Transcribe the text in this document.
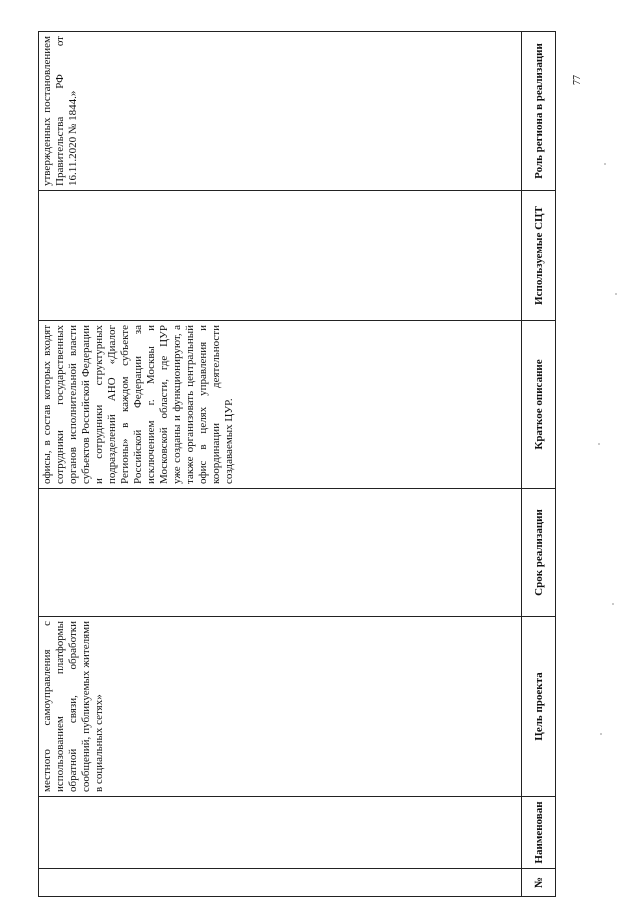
местного самоуправления с использованием платформы обратной связи, обработки сообщений, публикуемых жителями в социальных сетях»
офисы, в состав которых входят сотрудники государственных органов исполнительной власти субъектов Российской Федерации и сотрудники структурных подразделений АНО «Диалог Регионы» в каждом субъекте Российской Федерации за исключением г. Москвы и Московской области, где ЦУР уже созданы и функционируют, а также организовать центральный офис в целях управления и координации деятельности создаваемых ЦУР.
утвержденных постановлением Правительства РФ от 16.11.2020 № 1844.»
№
Наименован
Цель проекта
Срок реализации
Краткое описание
Используемые СЦТ
Роль региона в реализации	77
